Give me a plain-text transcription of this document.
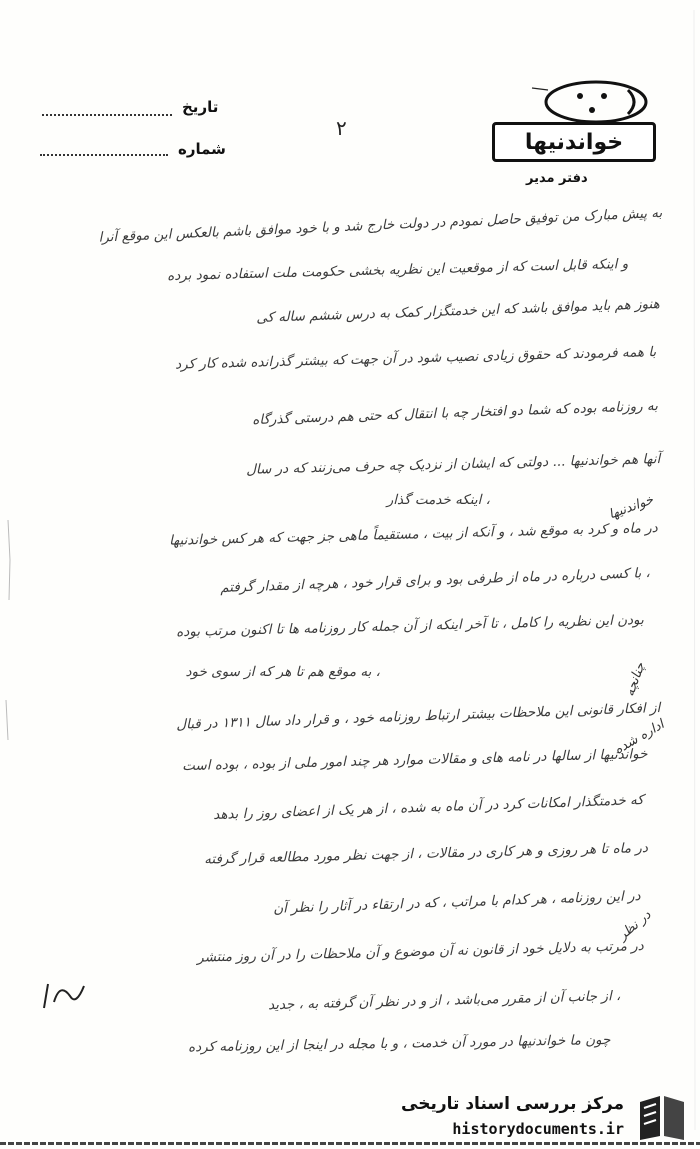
تاریخ
شماره
۲
خواندنیها
دفتر مدیر
به پیش مبارک من توفیق حاصل نمودم در دولت خارج شد و با خود موافق باشم بالعکس این موقع آنرا
و اینکه قابل است که از موقعیت این نظریه بخشی حکومت ملت استفاده نمود برده
هنوز هم باید موافق باشد که این خدمتگزار کمک به درس ششم ساله کی
با همه فرمودند که حقوق زیادی نصیب شود در آن جهت که بیشتر گذرانده شده کار کرد
به روزنامه بوده که شما دو افتخار چه با انتقال که حتی هم درستی گذرگاه
آنها هم خواندنیها ... دولتی که ایشان از نزدیک چه حرف می‌زنند که در سال
، اینکه خدمت گذار
در ماه و کرد به موقع شد ، و آنکه از بیت ، مستقیماً ماهی جز جهت که هر کس خواندنیها
، با کسی درباره در ماه از طرفی بود و برای قرار خود ، هرچه از مقدار گرفتم
بودن این نظریه را کامل ، تا آخر اینکه از آن جمله کار روزنامه ها تا اکنون مرتب بوده
، به موقع هم تا هر که از سوی خود
از افکار قانونی این ملاحظات بیشتر ارتباط روزنامه خود ، و قرار داد سال ۱۳۱۱ در قبال
خواندنیها از سالها در نامه های و مقالات موارد هر چند امور ملی از بوده ، بوده است
که خدمتگذار امکانات کرد در آن ماه به شده ، از هر یک از اعضای روز را بدهد
در ماه تا هر روزی و هر کاری در مقالات ، از جهت نظر مورد مطالعه قرار گرفته
در این روزنامه ، هر کدام با مراتب ، که در ارتقاء در آثار را نظر آن
در مرتب به دلایل خود از قانون نه آن موضوع و آن ملاحظات را در آن روز منتشر
، از جانب آن از مقرر می‌باشد ، از و در نظر آن گرفته به ، جدید
چون ما خواندنیها در مورد آن خدمت ، و با مجله در اینجا از این روزنامه کرده
خواندنیها
چنانچه
اداره شده
در نظر
مرکز بررسی اسناد تاریخی
historydocuments.ir
